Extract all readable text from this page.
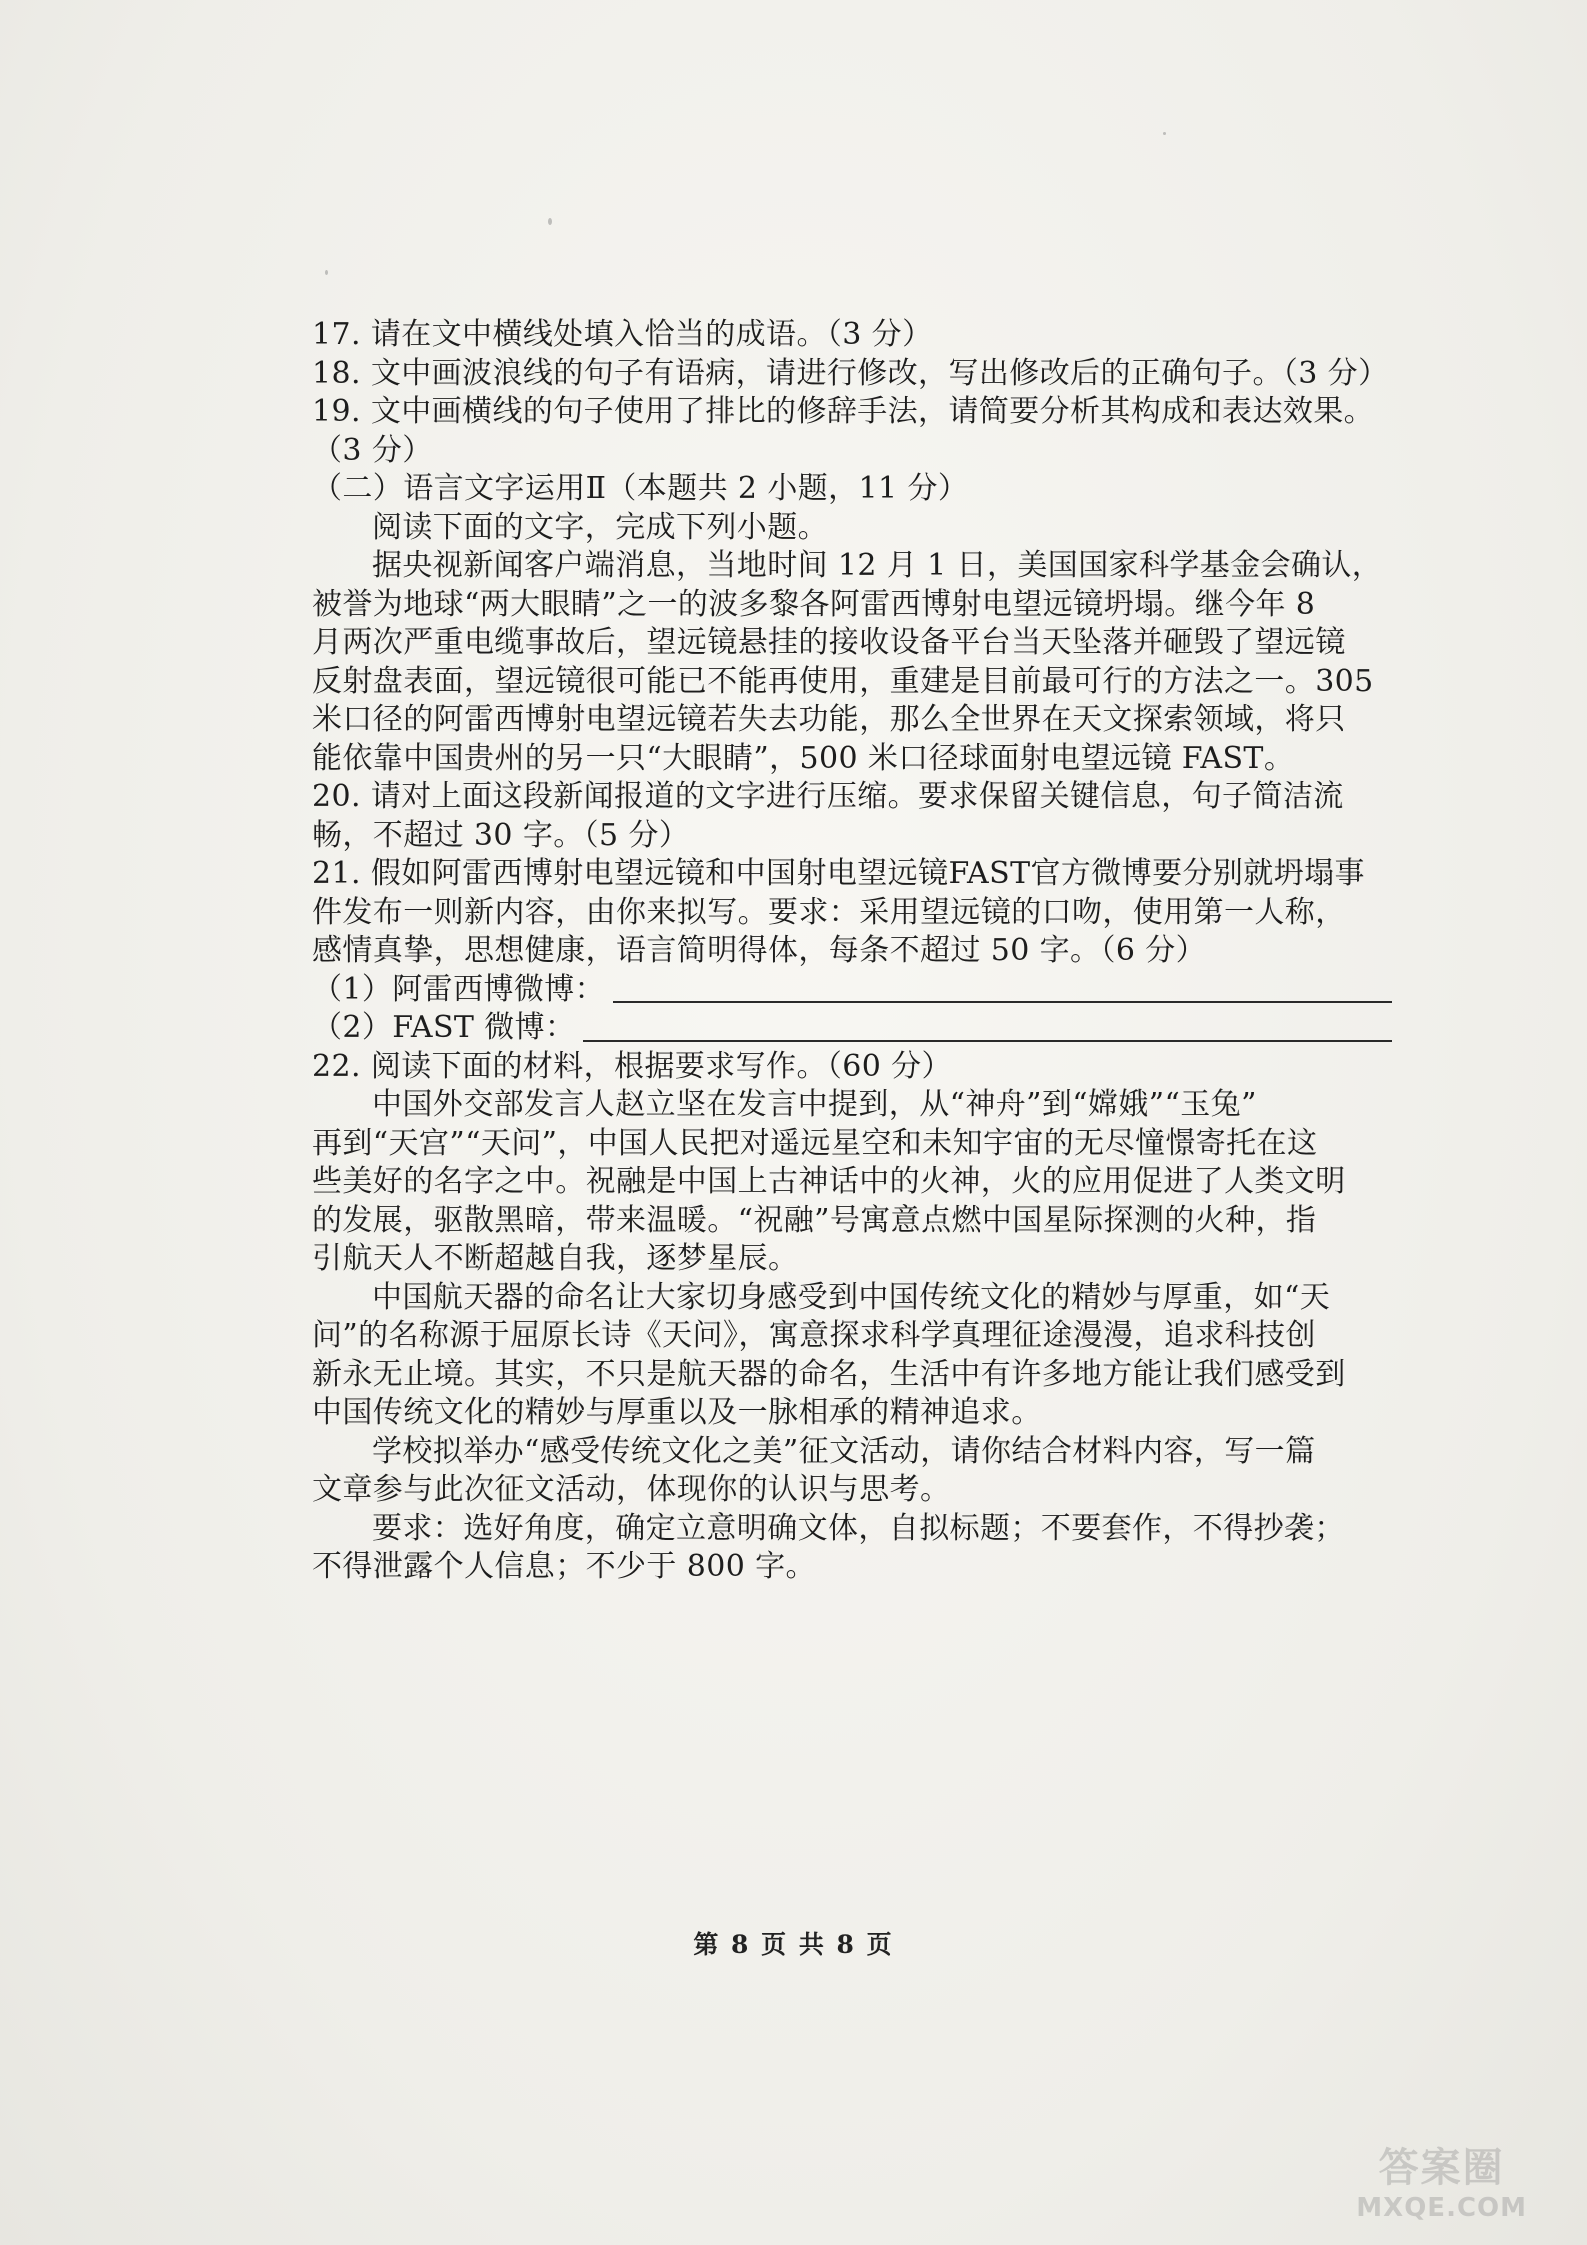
17. 请在文中横线处填入恰当的成语。（3 分）
18. 文中画波浪线的句子有语病，请进行修改，写出修改后的正确句子。（3 分）
19. 文中画横线的句子使用了排比的修辞手法，请简要分析其构成和表达效果。
（3 分）
（二）语言文字运用Ⅱ（本题共 2 小题，11 分）
阅读下面的文字，完成下列小题。
据央视新闻客户端消息，当地时间 12 月 1 日，美国国家科学基金会确认，
被誉为地球“两大眼睛”之一的波多黎各阿雷西博射电望远镜坍塌。继今年 8
月两次严重电缆事故后，望远镜悬挂的接收设备平台当天坠落并砸毁了望远镜
反射盘表面，望远镜很可能已不能再使用，重建是目前最可行的方法之一。305
米口径的阿雷西博射电望远镜若失去功能，那么全世界在天文探索领域，将只
能依靠中国贵州的另一只“大眼睛”，500 米口径球面射电望远镜 FAST。
20. 请对上面这段新闻报道的文字进行压缩。要求保留关键信息，句子简洁流
畅，不超过 30 字。（5 分）
21. 假如阿雷西博射电望远镜和中国射电望远镜FAST官方微博要分别就坍塌事
件发布一则新内容，由你来拟写。要求：采用望远镜的口吻，使用第一人称，
感情真挚，思想健康，语言简明得体，每条不超过 50 字。（6 分）
（1）阿雷西博微博：
（2）FAST 微博：
22. 阅读下面的材料，根据要求写作。（60 分）
中国外交部发言人赵立坚在发言中提到，从“神舟”到“嫦娥”“玉兔”
再到“天宫”“天问”，中国人民把对遥远星空和未知宇宙的无尽憧憬寄托在这
些美好的名字之中。祝融是中国上古神话中的火神，火的应用促进了人类文明
的发展，驱散黑暗，带来温暖。“祝融”号寓意点燃中国星际探测的火种，指
引航天人不断超越自我，逐梦星辰。
中国航天器的命名让大家切身感受到中国传统文化的精妙与厚重，如“天
问”的名称源于屈原长诗《天问》，寓意探求科学真理征途漫漫，追求科技创
新永无止境。其实，不只是航天器的命名，生活中有许多地方能让我们感受到
中国传统文化的精妙与厚重以及一脉相承的精神追求。
学校拟举办“感受传统文化之美”征文活动，请你结合材料内容，写一篇
文章参与此次征文活动，体现你的认识与思考。
要求：选好角度，确定立意明确文体，自拟标题；不要套作，不得抄袭；
不得泄露个人信息；不少于 800 字。
第 8 页 共 8 页
答案圈
MXQE.COM
